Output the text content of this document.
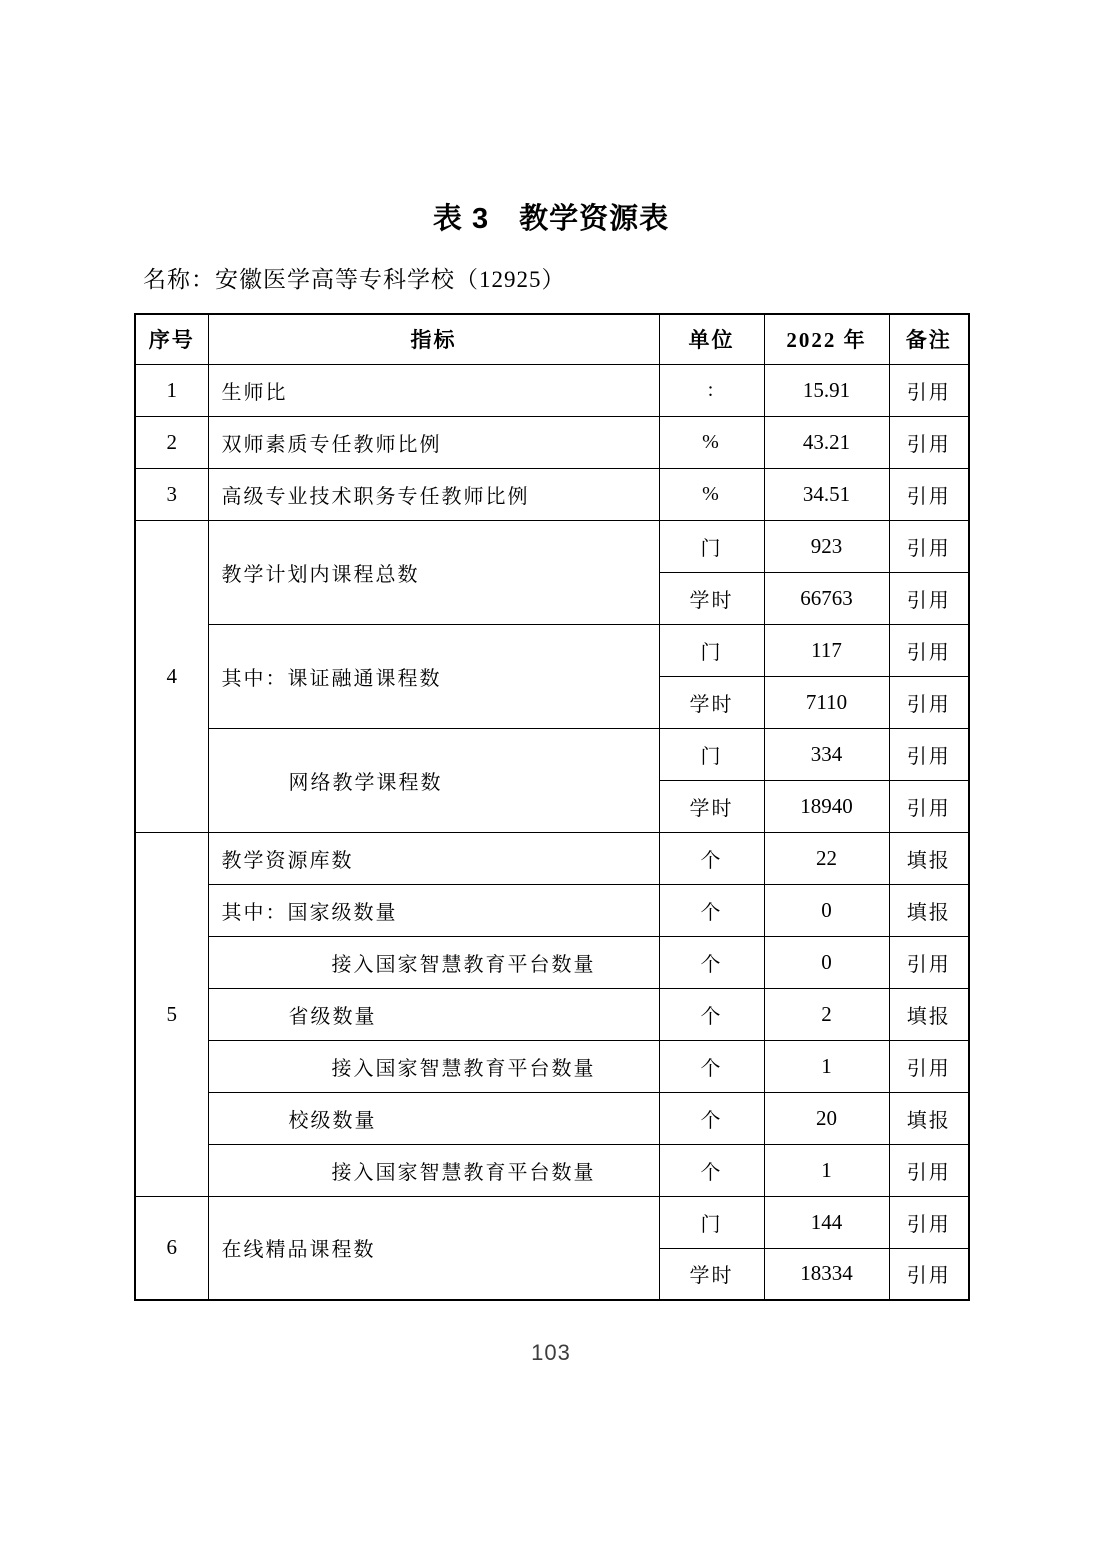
表 3　教学资源表
名称：安徽医学高等专科学校（12925）
序号	指标	单位	2022 年	备注
1	生师比	:	15.91	引用
2	双师素质专任教师比例	%	43.21	引用
3	高级专业技术职务专任教师比例	%	34.51	引用
4	教学计划内课程总数	门	923	引用
		学时	66763	引用
	其中：课证融通课程数	门	117	引用
		学时	7110	引用
	网络教学课程数	门	334	引用
		学时	18940	引用
5	教学资源库数	个	22	填报
	其中：国家级数量	个	0	填报
	接入国家智慧教育平台数量	个	0	引用
	省级数量	个	2	填报
	接入国家智慧教育平台数量	个	1	引用
	校级数量	个	20	填报
	接入国家智慧教育平台数量	个	1	引用
6	在线精品课程数	门	144	引用
		学时	18334	引用
103
